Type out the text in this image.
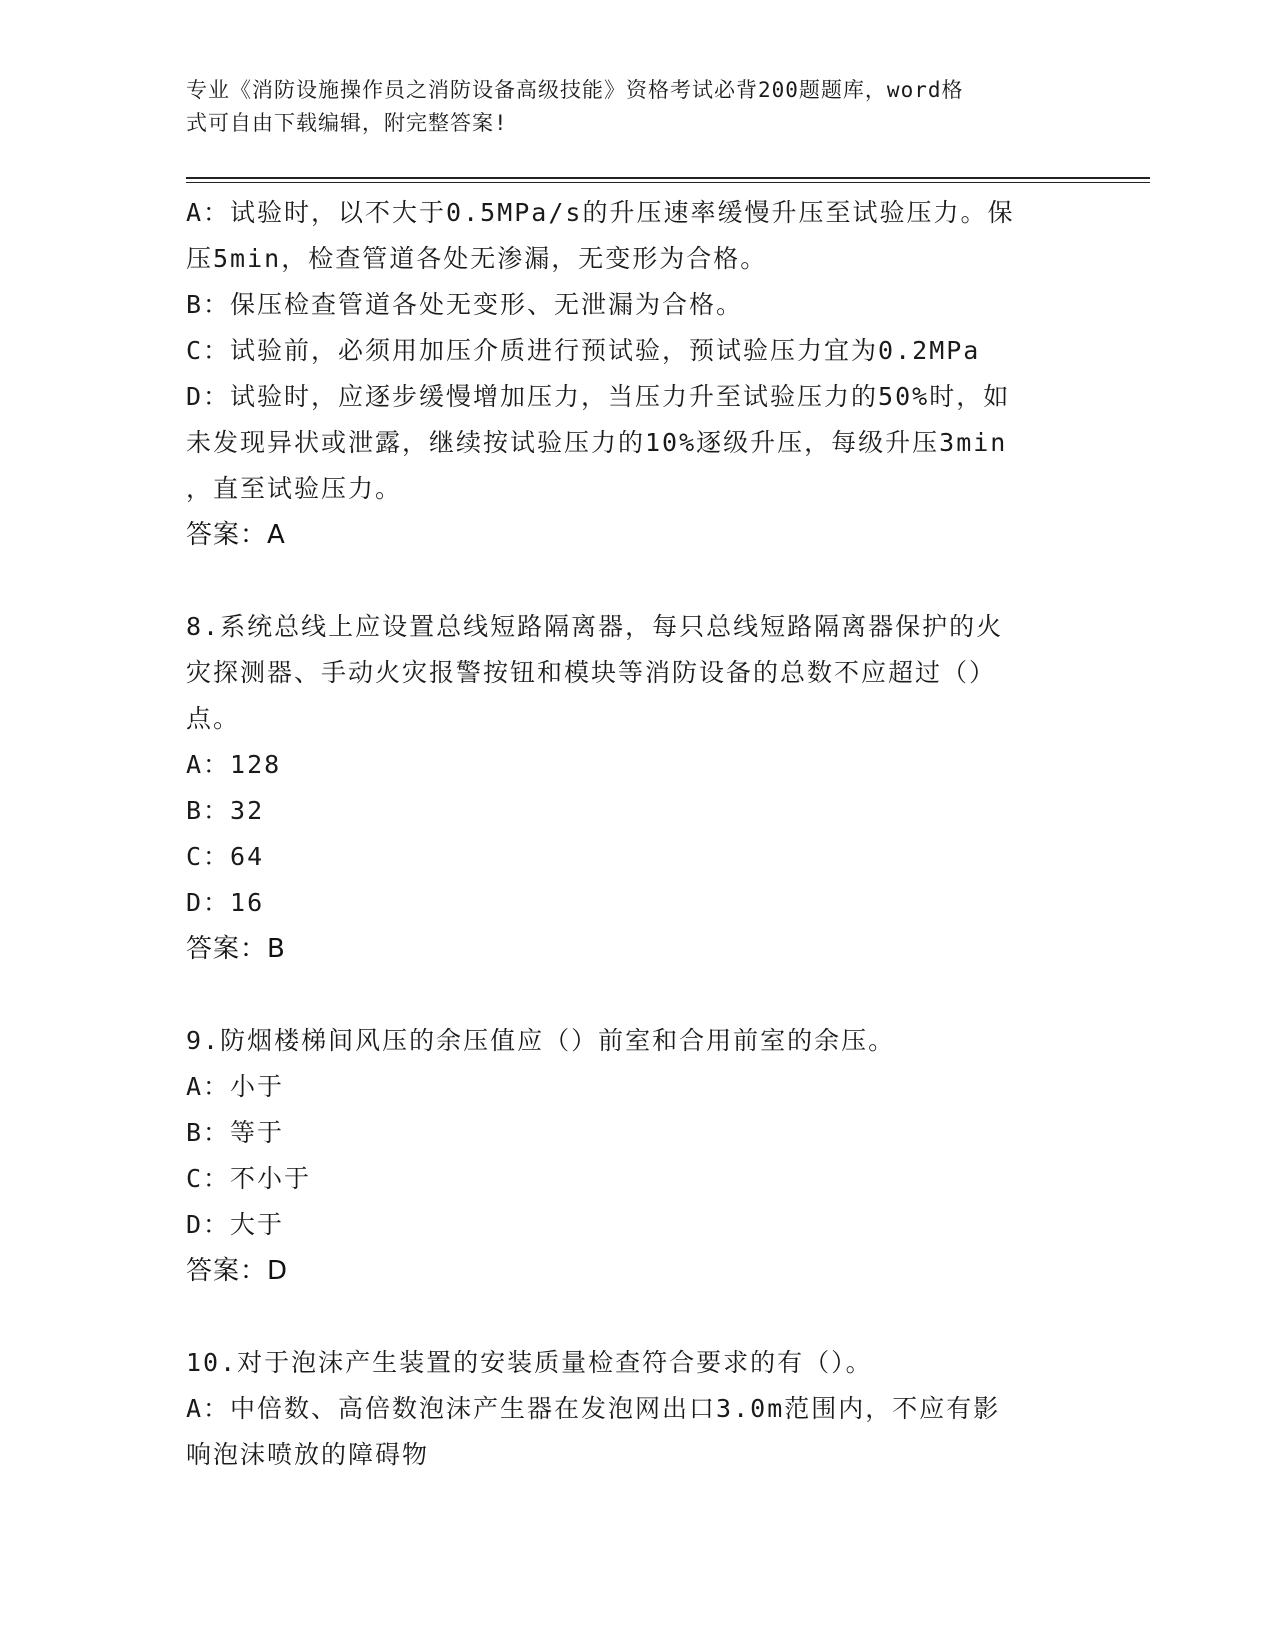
专业《消防设施操作员之消防设备高级技能》资格考试必背200题题库，word格
式可自由下载编辑，附完整答案!
A：试验时，以不大于0.5MPa/s的升压速率缓慢升压至试验压力。保
压5min，检查管道各处无渗漏，无变形为合格。
B：保压检查管道各处无变形、无泄漏为合格。
C：试验前，必须用加压介质进行预试验，预试验压力宜为0.2MPa
D：试验时，应逐步缓慢增加压力，当压力升至试验压力的50%时，如
未发现异状或泄露，继续按试验压力的10%逐级升压，每级升压3min
，直至试验压力。
答案：A
8.系统总线上应设置总线短路隔离器，每只总线短路隔离器保护的火
灾探测器、手动火灾报警按钮和模块等消防设备的总数不应超过（）
点。
A：128
B：32
C：64
D：16
答案：B
9.防烟楼梯间风压的余压值应（）前室和合用前室的余压。
A：小于
B：等于
C：不小于
D：大于
答案：D
10.对于泡沫产生装置的安装质量检查符合要求的有（）。
A：中倍数、高倍数泡沫产生器在发泡网出口3.0m范围内，不应有影
响泡沫喷放的障碍物
